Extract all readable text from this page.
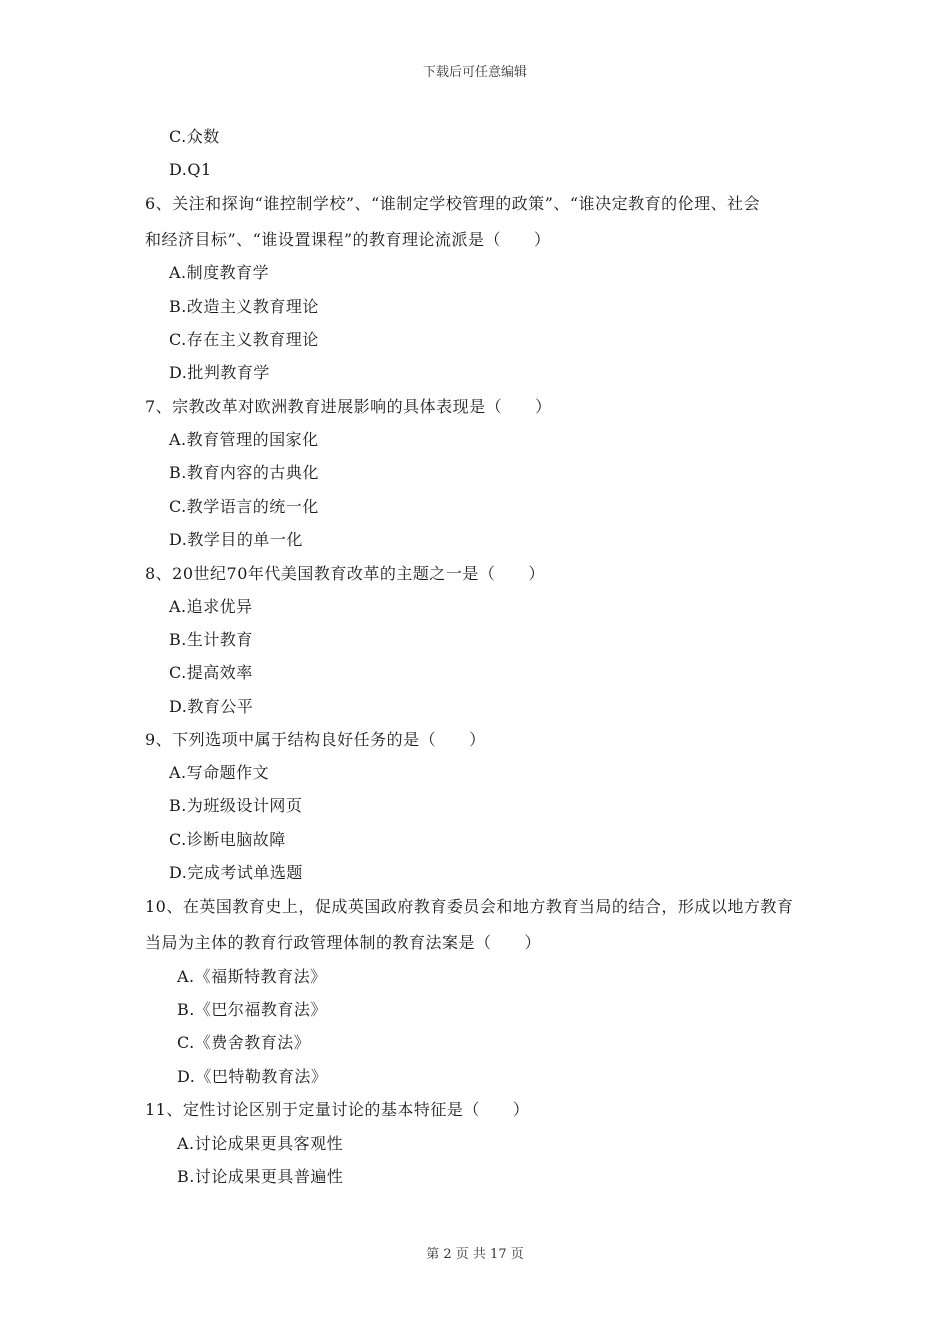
下载后可任意编辑
C.众数
D.Q1
6、关注和探询“谁控制学校”、“谁制定学校管理的政策”、“谁决定教育的伦理、社会
和经济目标”、“谁设置课程”的教育理论流派是（　　）
A.制度教育学
B.改造主义教育理论
C.存在主义教育理论
D.批判教育学
7、宗教改革对欧洲教育进展影响的具体表现是（　　）
A.教育管理的国家化
B.教育内容的古典化
C.教学语言的统一化
D.教学目的单一化
8、20世纪70年代美国教育改革的主题之一是（　　）
A.追求优异
B.生计教育
C.提高效率
D.教育公平
9、下列选项中属于结构良好任务的是（　　）
A.写命题作文
B.为班级设计网页
C.诊断电脑故障
D.完成考试单选题
10、在英国教育史上，促成英国政府教育委员会和地方教育当局的结合，形成以地方教育
当局为主体的教育行政管理体制的教育法案是（　　）
A.《福斯特教育法》
B.《巴尔福教育法》
C.《费舍教育法》
D.《巴特勒教育法》
11、定性讨论区别于定量讨论的基本特征是（　　）
A.讨论成果更具客观性
B.讨论成果更具普遍性
第 2 页 共 17 页
